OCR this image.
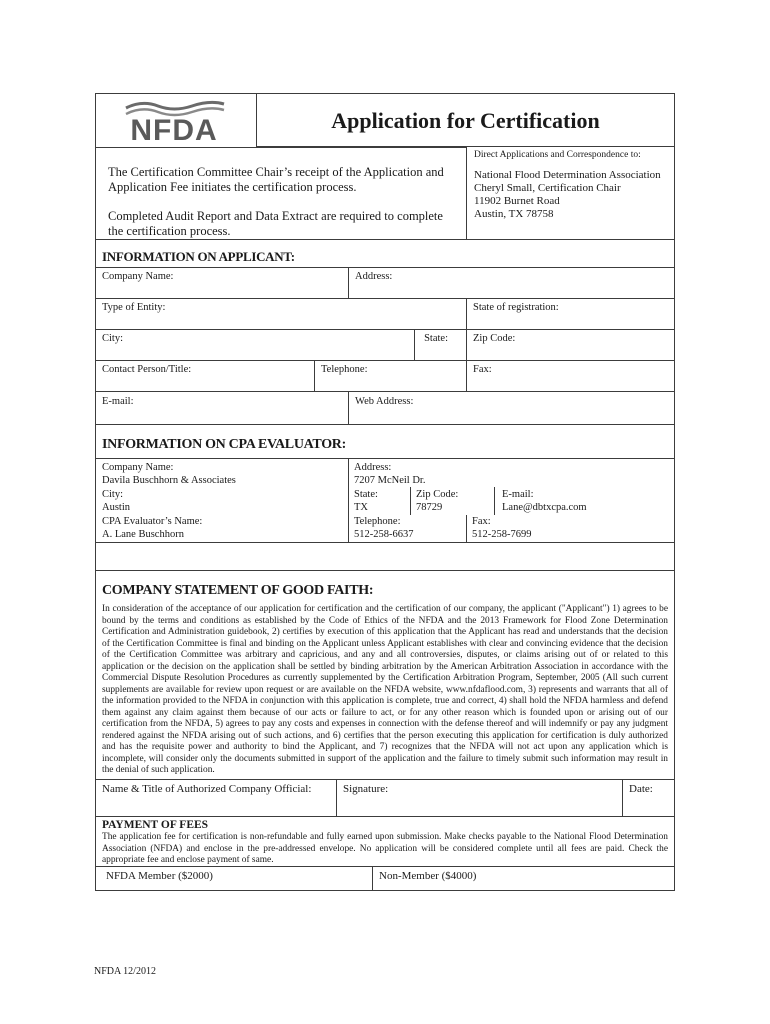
NFDA	Application for Certification
The Certification Committee Chair’s receipt of the Application and Application Fee initiates the certification process.
Completed Audit Report and Data Extract are required to complete the certification process.
Direct Applications and Correspondence to:
National Flood Determination Association
Cheryl Small, Certification Chair
11902 Burnet Road
Austin, TX 78758
INFORMATION ON APPLICANT:
Company Name:	Address:
Type of Entity:	State of registration:
City:	State:	Zip Code:
Contact Person/Title:	Telephone:	Fax:
E-mail:	Web Address:
INFORMATION ON CPA EVALUATOR:
Company Name:
Davila Buschhorn & Associates
Address:
7207 McNeil Dr.
City:
Austin
State:
TX
Zip Code:
78729
E-mail:
Lane@dbtxcpa.com
CPA Evaluator’s Name:
A. Lane Buschhorn
Telephone:
512-258-6637
Fax:
512-258-7699
COMPANY STATEMENT OF GOOD FAITH:
In consideration of the acceptance of our application for certification and the certification of our company, the applicant ("Applicant") 1) agrees to be bound by the terms and conditions as established by the Code of Ethics of the NFDA and the 2013 Framework for Flood Zone Determination Certification and Administration guidebook, 2) certifies by execution of this application that the Applicant has read and understands that the decision of the Certification Committee is final and binding on the Applicant unless Applicant establishes with clear and convincing evidence that the decision of the Certification Committee was arbitrary and capricious, and any and all controversies, disputes, or claims arising out of or related to this application or the decision on the application shall be settled by binding arbitration by the American Arbitration Association in accordance with the Commercial Dispute Resolution Procedures as currently supplemented by the Certification Arbitration Program, September, 2005 (All such current supplements are available for review upon request or are available on the NFDA website, www.nfdaflood.com, 3) represents and warrants that all of the information provided to the NFDA in conjunction with this application is complete, true and correct, 4) shall hold the NFDA harmless and defend them against any claim against them because of our acts or failure to act, or for any other reason which is founded upon or arising out of our certification from the NFDA, 5) agrees to pay any costs and expenses in connection with the defense thereof and will indemnify or pay any judgment rendered against the NFDA arising out of such actions, and 6) certifies that the person executing this application for certification is duly authorized and has the requisite power and authority to bind the Applicant, and 7) recognizes that the NFDA will not act upon any application which is incomplete, will consider only the documents submitted in support of the application and the failure to timely submit such information may result in the denial of such application.
Name & Title of Authorized Company Official:	Signature:	Date:
PAYMENT OF FEES
The application fee for certification is non-refundable and fully earned upon submission. Make checks payable to the National Flood Determination Association (NFDA) and enclose in the pre-addressed envelope. No application will be considered complete until all fees are paid. Check the appropriate fee and enclose payment of same.
NFDA Member ($2000)	Non-Member ($4000)
NFDA 12/2012
